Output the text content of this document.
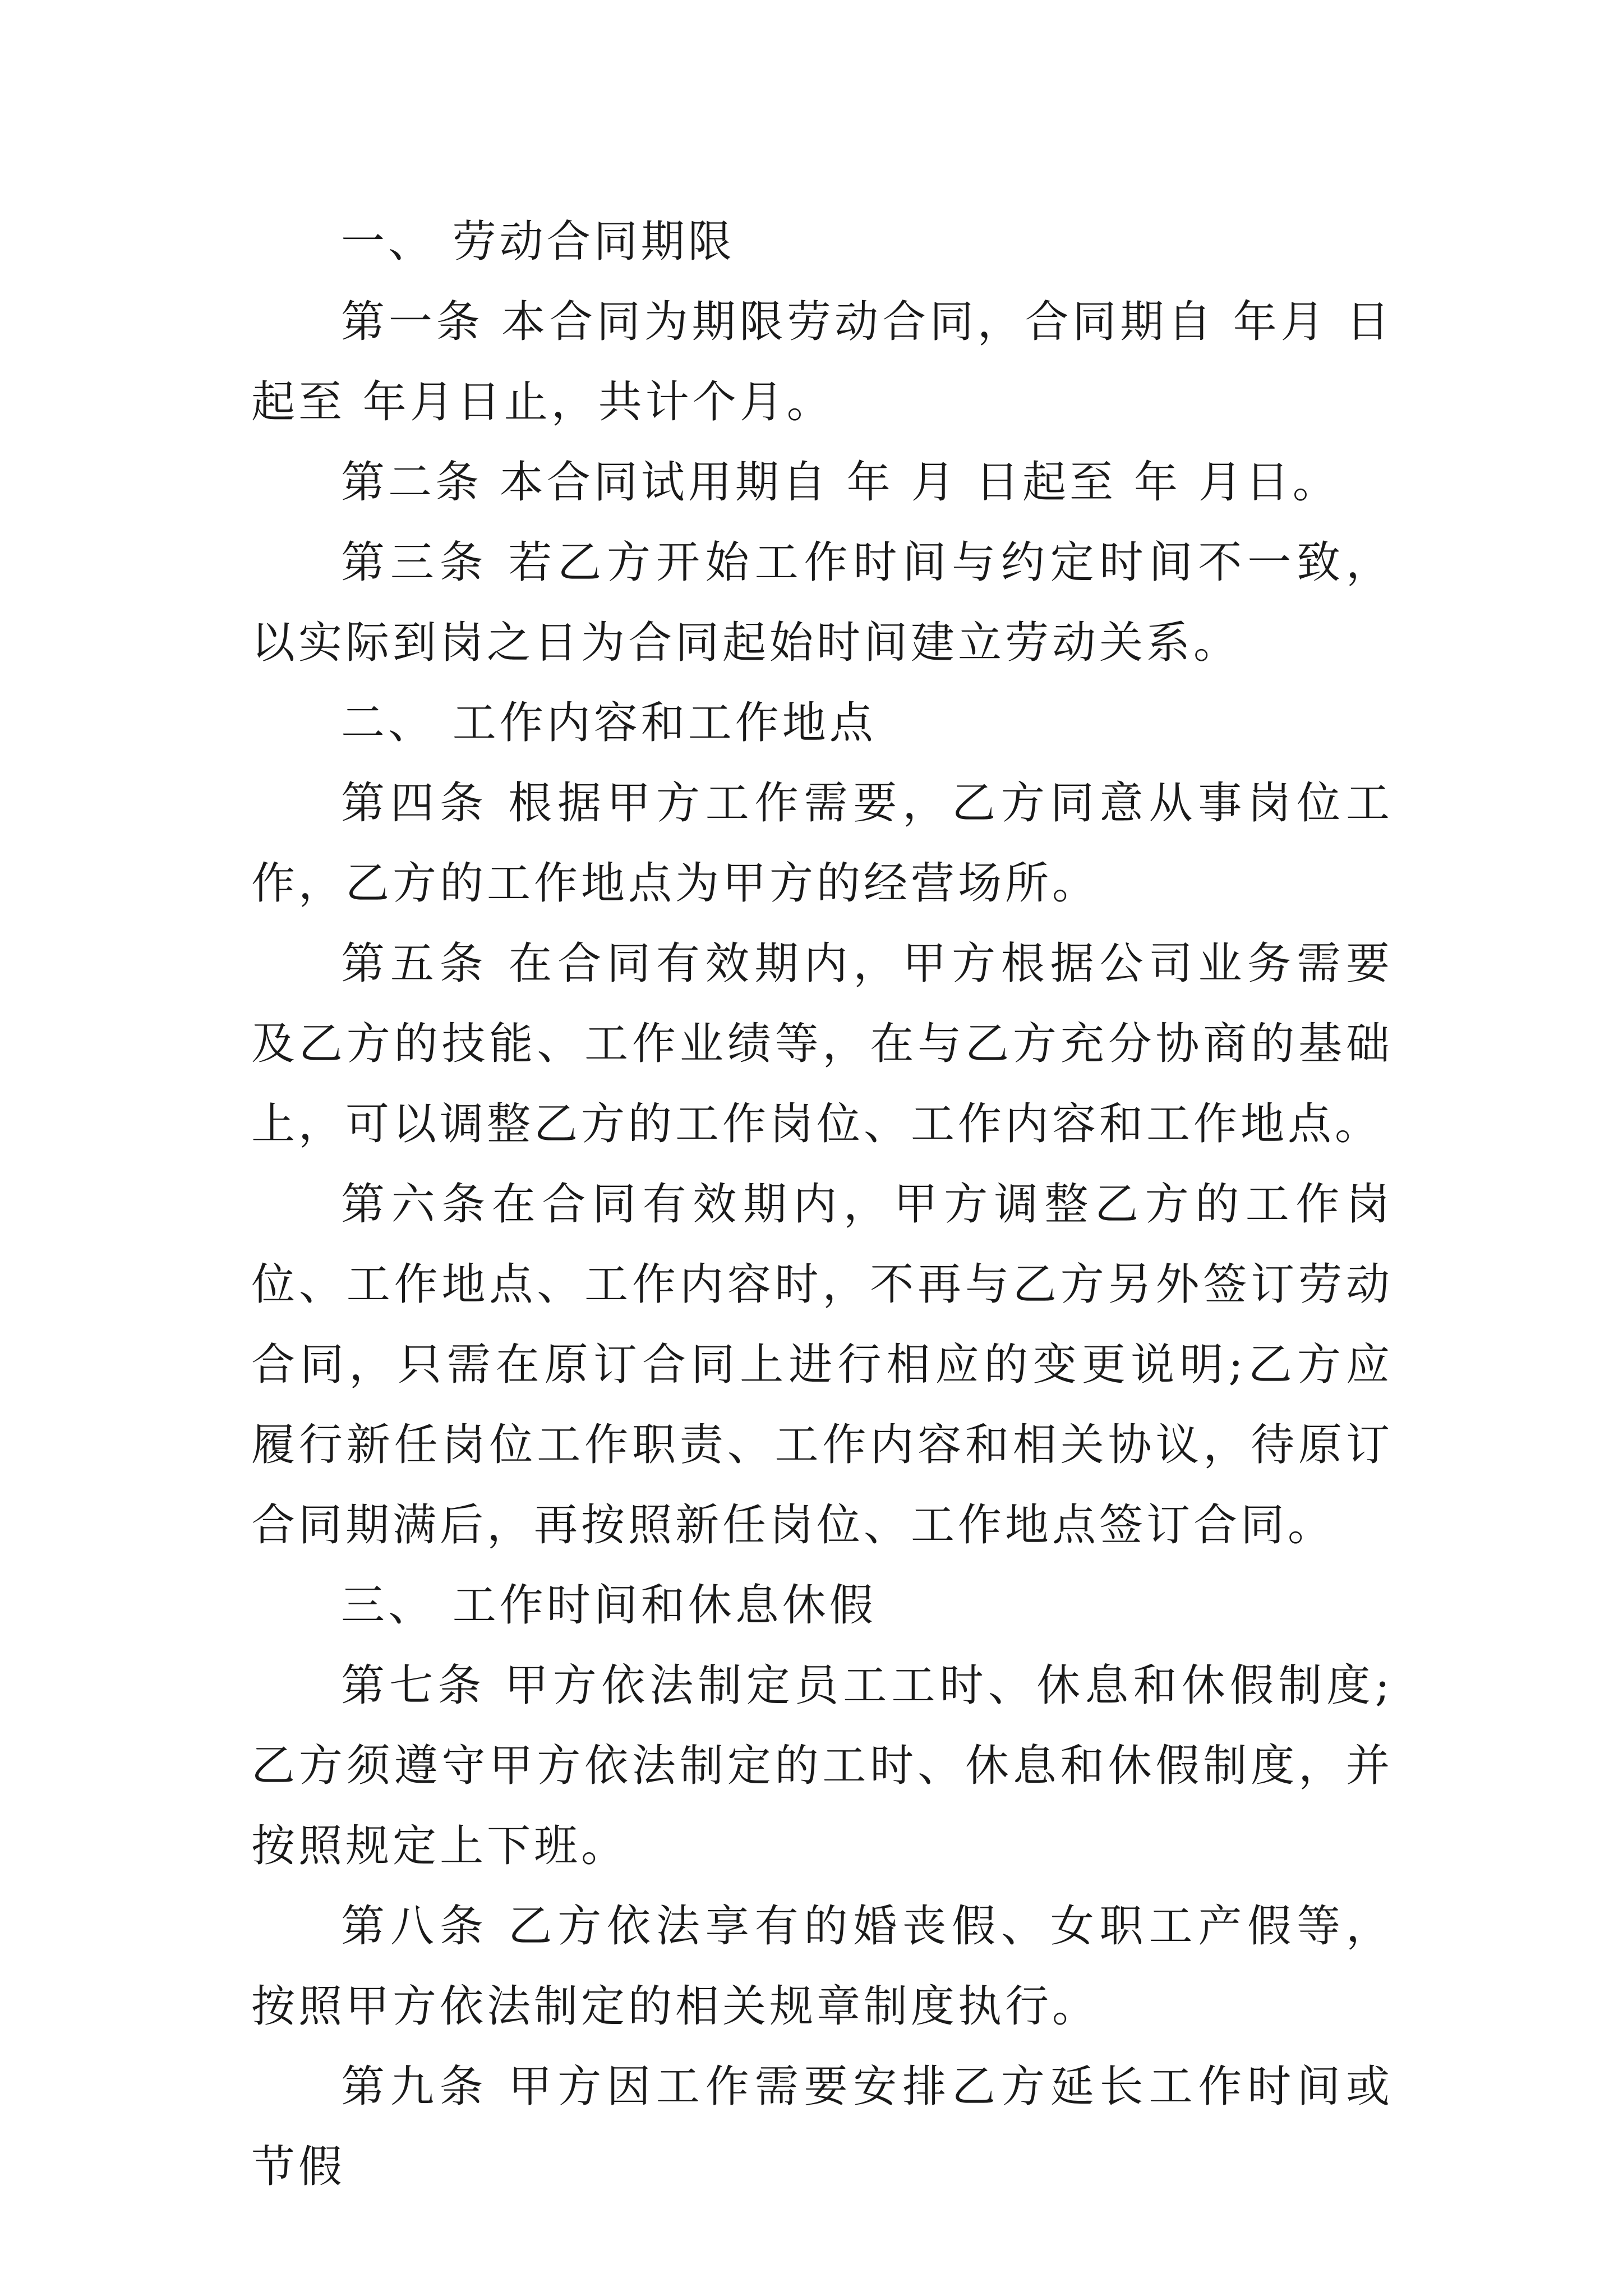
一、 劳动合同期限

第一条 本合同为期限劳动合同，合同期自 年月 日起至 年月日止，共计个月。

第二条 本合同试用期自 年 月 日起至 年 月日。

第三条 若乙方开始工作时间与约定时间不一致，以实际到岗之日为合同起始时间建立劳动关系。

二、 工作内容和工作地点

第四条 根据甲方工作需要，乙方同意从事岗位工作，乙方的工作地点为甲方的经营场所。

第五条 在合同有效期内，甲方根据公司业务需要及乙方的技能、工作业绩等，在与乙方充分协商的基础上，可以调整乙方的工作岗位、工作内容和工作地点。

第六条在合同有效期内，甲方调整乙方的工作岗位、工作地点、工作内容时，不再与乙方另外签订劳动合同，只需在原订合同上进行相应的变更说明;乙方应履行新任岗位工作职责、工作内容和相关协议，待原订合同期满后，再按照新任岗位、工作地点签订合同。

三、 工作时间和休息休假

第七条 甲方依法制定员工工时、休息和休假制度;乙方须遵守甲方依法制定的工时、休息和休假制度，并按照规定上下班。

第八条 乙方依法享有的婚丧假、女职工产假等，按照甲方依法制定的相关规章制度执行。

第九条 甲方因工作需要安排乙方延长工作时间或节假
